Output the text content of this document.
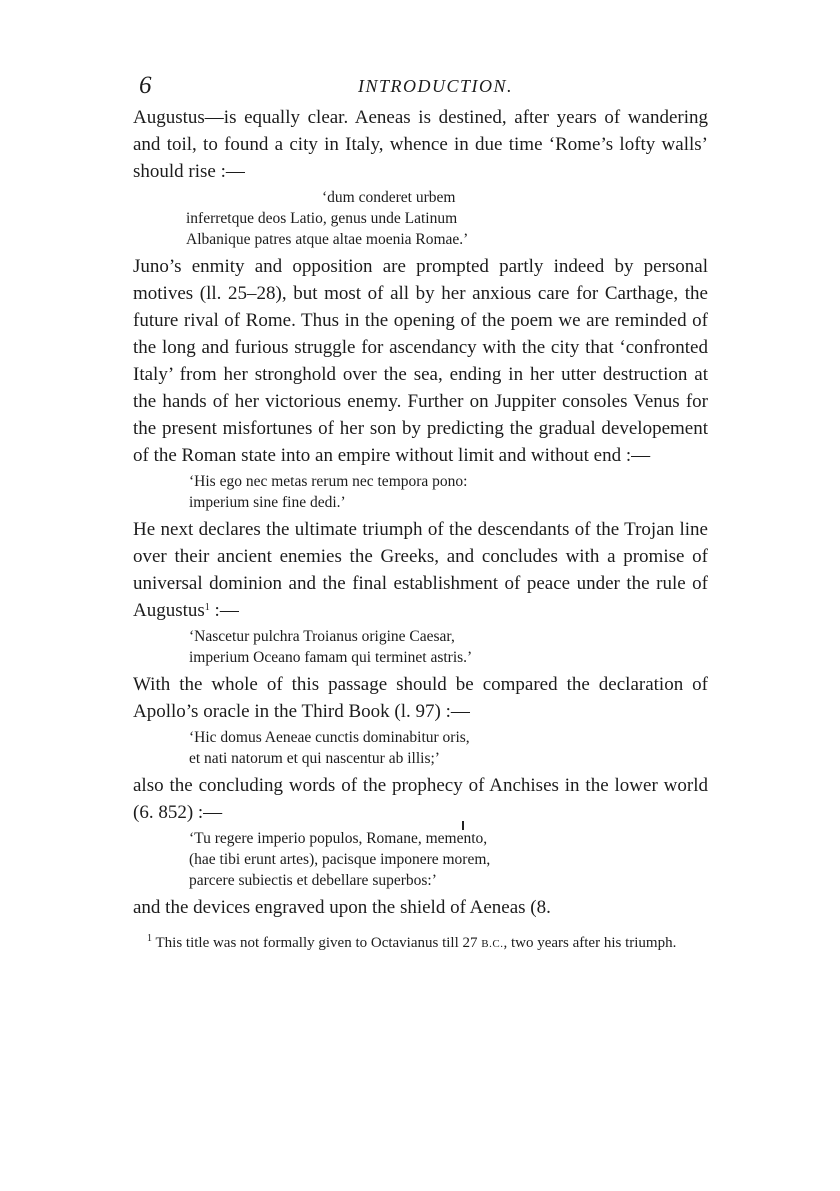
6	INTRODUCTION.

Augustus—is equally clear. Aeneas is destined, after years of wandering and toil, to found a city in Italy, whence in due time ‘Rome’s lofty walls’ should rise :—

‘dum conderet urbem
inferretque deos Latio, genus unde Latinum
Albanique patres atque altae moenia Romae.’

Juno’s enmity and opposition are prompted partly indeed by personal motives (ll. 25–28), but most of all by her anxious care for Carthage, the future rival of Rome. Thus in the opening of the poem we are reminded of the long and furious struggle for ascendancy with the city that ‘confronted Italy’ from her stronghold over the sea, ending in her utter destruction at the hands of her victorious enemy. Further on Juppiter consoles Venus for the present misfortunes of her son by predicting the gradual developement of the Roman state into an empire without limit and without end :—

‘His ego nec metas rerum nec tempora pono:
imperium sine fine dedi.’

He next declares the ultimate triumph of the descendants of the Trojan line over their ancient enemies the Greeks, and concludes with a promise of universal dominion and the final establishment of peace under the rule of Augustus$^1$ :—

‘Nascetur pulchra Troianus origine Caesar,
imperium Oceano famam qui terminet astris.’

With the whole of this passage should be compared the declaration of Apollo’s oracle in the Third Book (l. 97) :—

‘Hic domus Aeneae cunctis dominabitur oris,
et nati natorum et qui nascentur ab illis;’

also the concluding words of the prophecy of Anchises in the lower world (6. 852) :—

‘Tu regere imperio populos, Romane, memento,
(hae tibi erunt artes), pacisque imponere morem,
parcere subiectis et debellare superbos:’

and the devices engraved upon the shield of Aeneas (8.

$^1$ This title was not formally given to Octavianus till 27 B.C., two years after his triumph.
